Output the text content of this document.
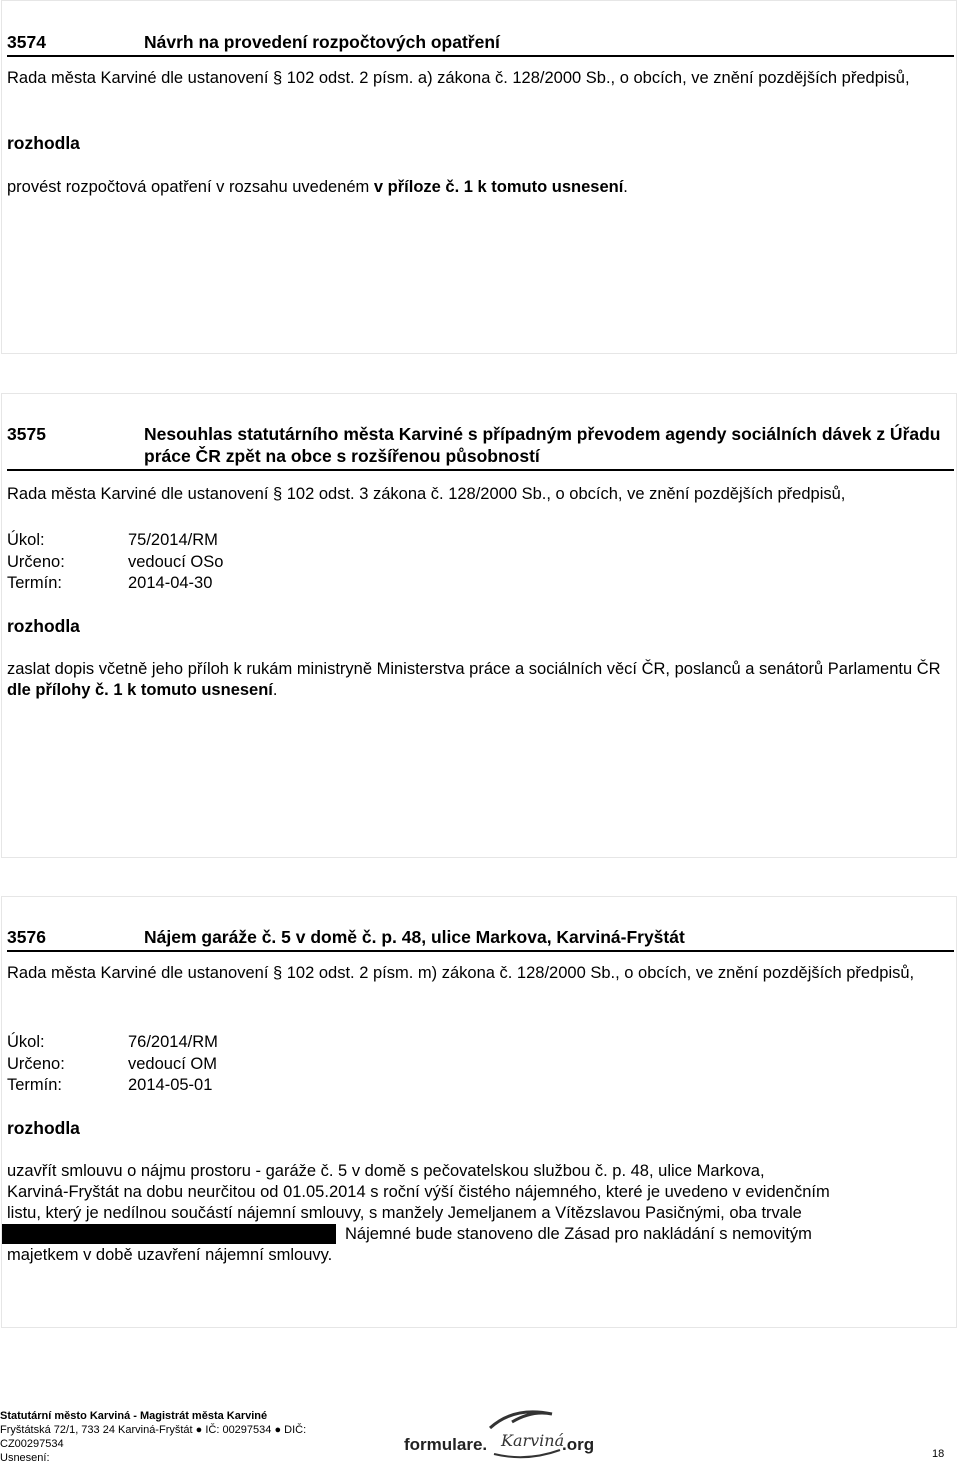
3574	Návrh na provedení rozpočtových opatření
Rada města Karviné dle ustanovení § 102 odst. 2 písm. a) zákona č. 128/2000 Sb., o obcích, ve znění pozdějších předpisů,
rozhodla
provést rozpočtová opatření v rozsahu uvedeném v příloze č. 1 k tomuto usnesení.
3575	Nesouhlas statutárního města Karviné s případným převodem agendy sociálních dávek z Úřadu práce ČR zpět na obce s rozšířenou působností
Rada města Karviné dle ustanovení § 102 odst. 3 zákona č. 128/2000 Sb., o obcích, ve znění pozdějších předpisů,
Úkol:	75/2014/RM
Určeno:	vedoucí OSo
Termín:	2014-04-30
rozhodla
zaslat dopis včetně jeho příloh k rukám ministryně Ministerstva práce a sociálních věcí ČR, poslanců a senátorů Parlamentu ČR dle přílohy č. 1 k tomuto usnesení.
3576	Nájem garáže č. 5 v domě č. p. 48, ulice Markova, Karviná-Fryštát
Rada města Karviné dle ustanovení § 102 odst. 2 písm. m) zákona č. 128/2000 Sb., o obcích, ve znění pozdějších předpisů,
Úkol:	76/2014/RM
Určeno:	vedoucí OM
Termín:	2014-05-01
rozhodla
uzavřít smlouvu o nájmu prostoru - garáže č. 5 v domě s pečovatelskou službou č. p. 48, ulice Markova,
Karviná-Fryštát na dobu neurčitou od 01.05.2014 s roční výší čistého nájemného, které je uvedeno v evidenčním
listu, který je nedílnou součástí nájemní smlouvy, s manžely Jemeljanem a Vítězslavou Pasičnými, oba trvale
Nájemné bude stanoveno dle Zásad pro nakládání s nemovitým
majetkem v době uzavření nájemní smlouvy.
Statutární město Karviná - Magistrát města Karviné
Fryštátská 72/1, 733 24 Karviná-Fryštát ● IČ: 00297534 ● DIČ:
CZ00297534
Usnesení:
formulare. Karviná
.org	18
